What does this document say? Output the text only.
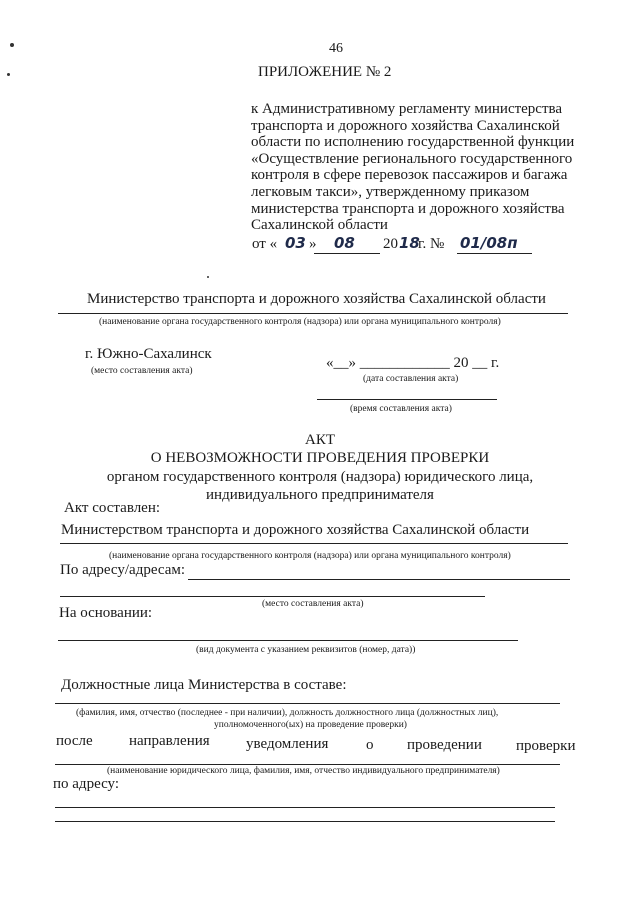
46
ПРИЛОЖЕНИЕ № 2
к Административному регламенту министерства
транспорта и дорожного хозяйства Сахалинской
области по исполнению государственной функции
«Осуществление регионального государственного
контроля в сфере перевозок пассажиров и багажа
легковым такси», утвержденному приказом
министерства транспорта и дорожного хозяйства
Сахалинской области
от « 03 » 08 20 18
г. № 01/08п
Министерство транспорта и дорожного хозяйства Сахалинской области
(наименование органа государственного контроля (надзора) или органа муниципального контроля)
г. Южно-Сахалинск
(место составления акта)	«__» ____________ 20 __ г.
(дата составления акта)
(время составления акта)
АКТ
О НЕВОЗМОЖНОСТИ ПРОВЕДЕНИЯ ПРОВЕРКИ
органом государственного контроля (надзора) юридического лица,
индивидуального предпринимателя
Акт составлен:
Министерством транспорта и дорожного хозяйства Сахалинской области
(наименование органа государственного контроля (надзора) или органа муниципального контроля)
По адресу/адресам:
(место составления акта)
На основании:
(вид документа с указанием реквизитов (номер, дата))
Должностные лица Министерства в составе:
(фамилия, имя, отчество (последнее - при наличии), должность должностного лица (должностных лиц),
уполномоченного(ых) на проведение проверки)
после направления уведомления	о проведении проверки
(наименование юридического лица, фамилия, имя, отчество индивидуального предпринимателя)
по адресу:
